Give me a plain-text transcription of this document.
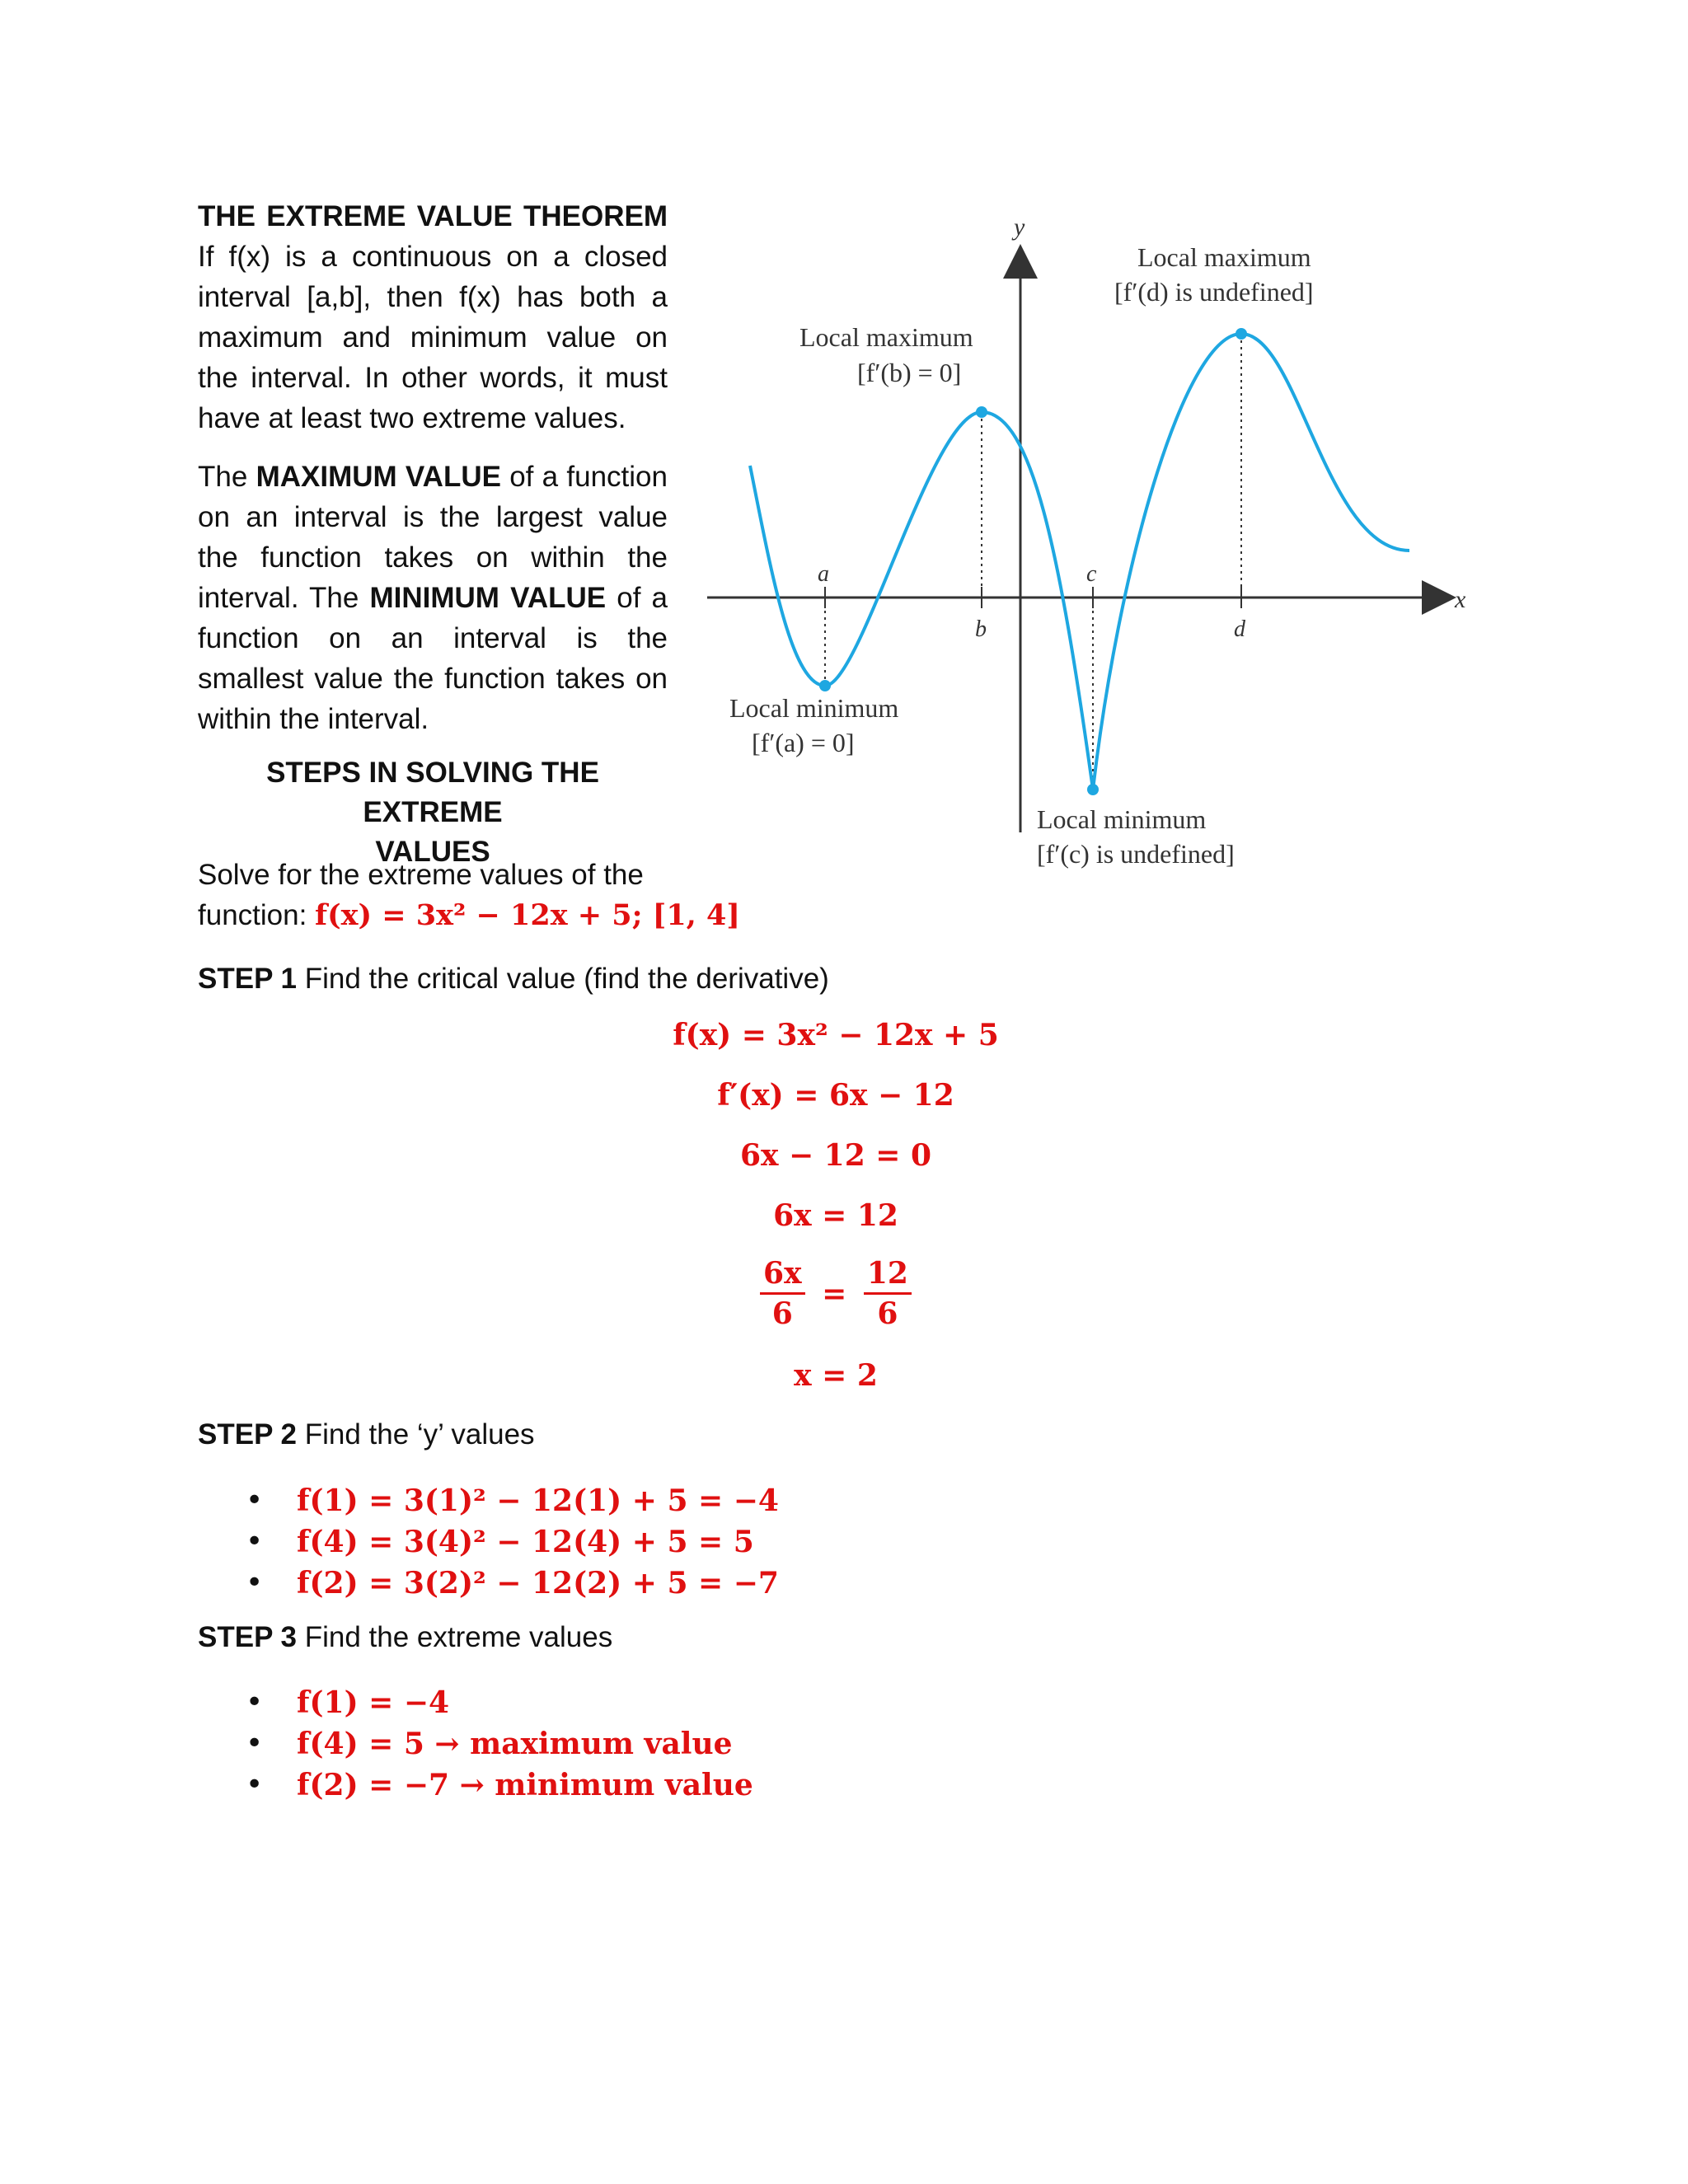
THE EXTREME VALUE THEOREM

If f(x) is a continuous on a closed interval [a,b], then f(x) has both a maximum and minimum value on the interval. In other words, it must have at least two extreme values.

The MAXIMUM VALUE of a function on an interval is the largest value the function takes on within the interval. The MINIMUM VALUE of a function on an interval is the smallest value the function takes on within the interval.

y
x
a
b
c
d
Local maximum
[f′(b) = 0]
Local maximum
[f′(d) is undefined]
Local minimum
[f′(a) = 0]
Local minimum
[f′(c) is undefined]
STEPS IN SOLVING THE EXTREME
VALUES
Solve for the extreme values of the
function: f(x) = 3x² − 12x + 5; [1, 4]
STEP 1 Find the critical value (find the derivative)
f(x) = 3x² − 12x + 5
f′(x) = 6x − 12
6x − 12 = 0
6x = 12
$\frac{6x}{6} = \frac{12}{6}$
x = 2
STEP 2 Find the ‘y’ values
• f(1) = 3(1)² − 12(1) + 5 = −4
• f(4) = 3(4)² − 12(4) + 5 = 5
• f(2) = 3(2)² − 12(2) + 5 = −7
STEP 3 Find the extreme values
• f(1) = −4
• f(4) = 5 → maximum value
• f(2) = −7 → minimum value
